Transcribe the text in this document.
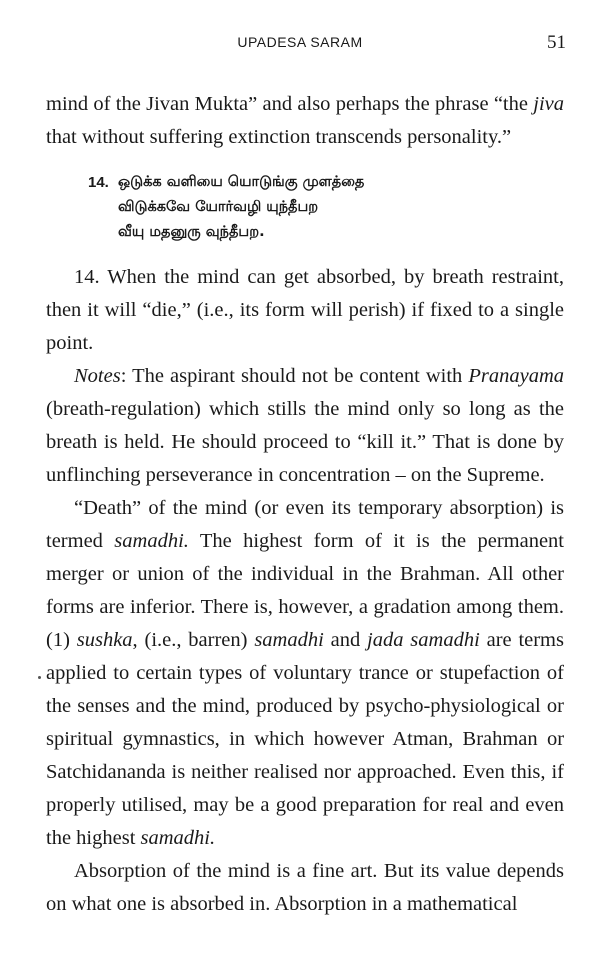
UPADESA SARAM	51

mind of the Jivan Mukta” and also perhaps the phrase “the jiva that without suffering extinction transcends personality.”

14. ஒடுக்க வளியை யொடுங்கு முளத்தை
விடுக்கவே யோர்வழி யுந்தீபற
வீயு மதனுரு வுந்தீபற.

14. When the mind can get absorbed, by breath restraint, then it will “die,” (i.e., its form will perish) if fixed to a single point.

Notes: The aspirant should not be content with Pranayama (breath-regulation) which stills the mind only so long as the breath is held. He should proceed to “kill it.” That is done by unflinching perseverance in concentration – on the Supreme.

“Death” of the mind (or even its temporary absorption) is termed samadhi. The highest form of it is the permanent merger or union of the individual in the Brahman. All other forms are inferior. There is, however, a gradation among them. (1) sushka, (i.e., barren) samadhi and jada samadhi are terms applied to certain types of voluntary trance or stupefaction of the senses and the mind, produced by psycho-physiological or spiritual gymnastics, in which however Atman, Brahman or Satchidananda is neither realised nor approached. Even this, if properly utilised, may be a good preparation for real and even the highest samadhi.

Absorption of the mind is a fine art. But its value depends on what one is absorbed in. Absorption in a mathematical
